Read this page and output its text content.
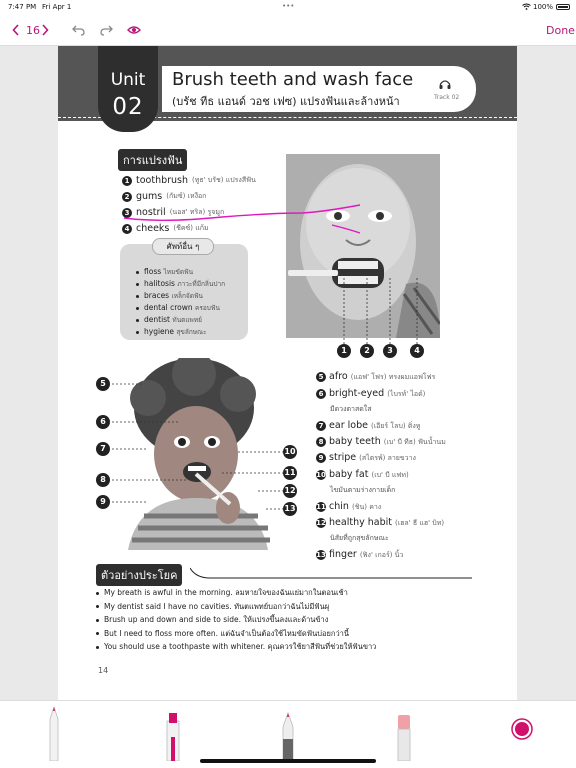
7:47 PM Fri Apr 1	•••	100%
16	Done
Unit
02
Brush teeth and wash face
(บรัช ทีธ แอนด์ วอช เฟซ) แปรงฟันและล้างหน้า	Track 02
การแปรงฟัน
1 toothbrush (ทูธ' บรัช) แปรงสีฟัน
2 gums (กัมซ์) เหงือก
3 nostril (นอส' ทริล) รูจมูก
4 cheeks (ชีคซ์) แก้ม
ศัพท์อื่น ๆ
floss ไหมขัดฟัน
halitosis ภาวะที่มีกลิ่นปาก
braces เหล็กจัดฟัน
dental crown ครอบฟัน
dentist ทันตแพทย์
hygiene สุขลักษณะ
1	2	3	4
5
6
7
8
9
10
11
12
13
5 afro (แอฟ' โฟร) ทรงผมแอฟโฟร
6 bright-eyed (ไบรท์' ไอด์)
มีดวงตาสดใส
7 ear lobe (เอียร์ โลบ) ติ่งหู
8 baby teeth (เบ' บี ทีธ) ฟันน้ำนม
9 stripe (สไตรพ์) ลายขวาง
10 baby fat (เบ' บี แฟท)
ไขมันตามร่างกายเด็ก
11 chin (ชิน) คาง
12 healthy habit (เฮล' ธี แฮ' บิท)
นิสัยที่ถูกสุขลักษณะ
13 finger (ฟิง' เกอร์) นิ้ว
ตัวอย่างประโยค
My breath is awful in the morning. ลมหายใจของฉันแย่มากในตอนเช้า
My dentist said I have no cavities. ทันตแพทย์บอกว่าฉันไม่มีฟันผุ
Brush up and down and side to side. ให้แปรงขึ้นลงและด้านข้าง
But I need to floss more often. แต่ฉันจำเป็นต้องใช้ไหมขัดฟันบ่อยกว่านี้
You should use a toothpaste with whitener. คุณควรใช้ยาสีฟันที่ช่วยให้ฟันขาว
14
